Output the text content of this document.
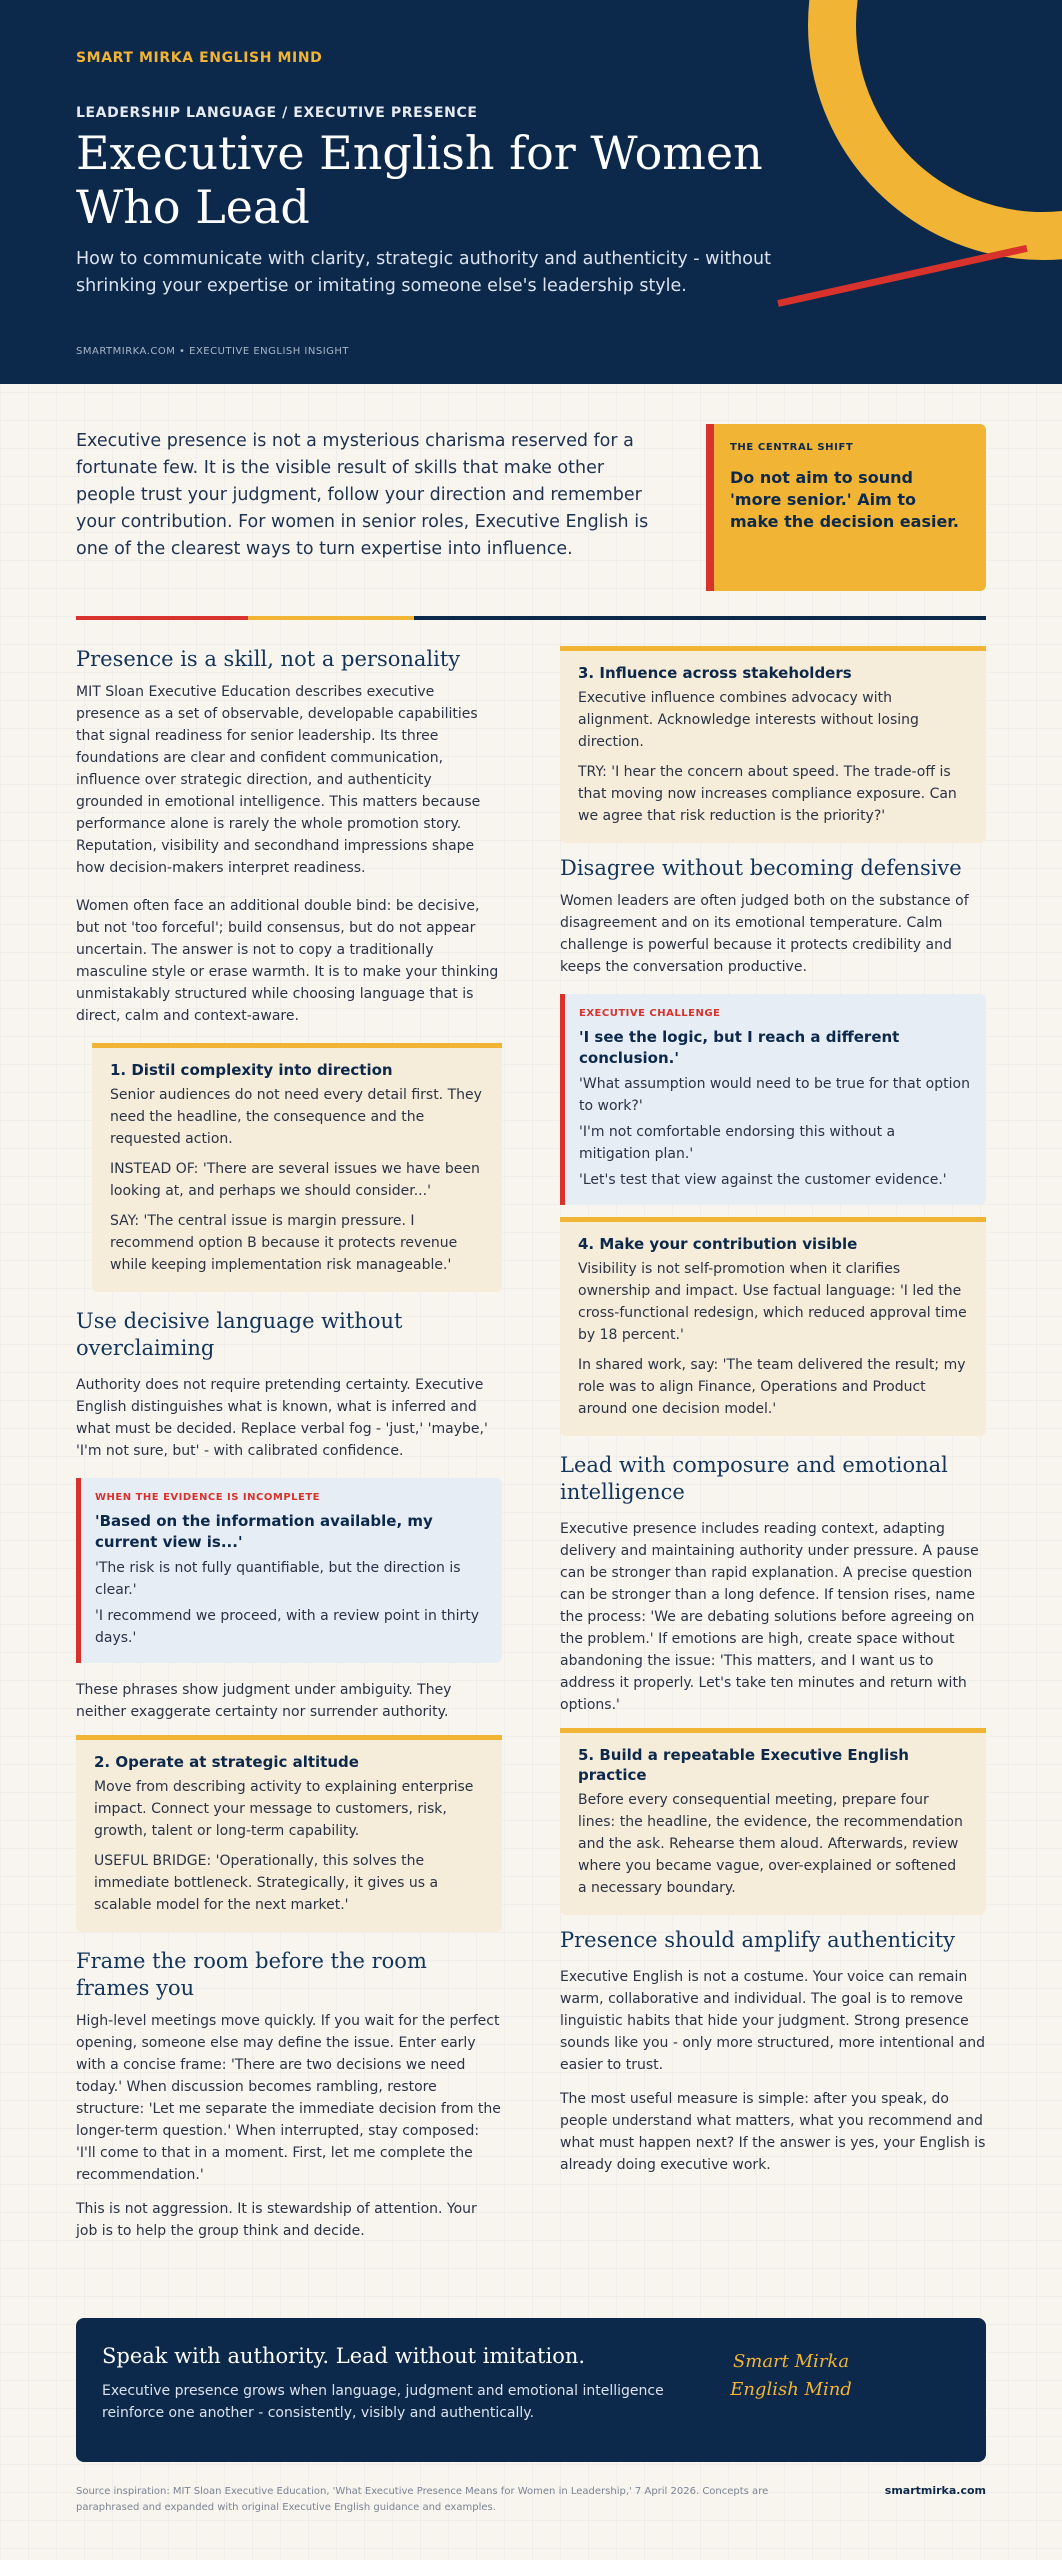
SMART MIRKA ENGLISH MIND
LEADERSHIP LANGUAGE / EXECUTIVE PRESENCE
Executive English for Women Who Lead
How to communicate with clarity, strategic authority and authenticity - without shrinking your expertise or imitating someone else's leadership style.
SMARTMIRKA.COM • EXECUTIVE ENGLISH INSIGHT
Executive presence is not a mysterious charisma reserved for a fortunate few. It is the visible result of skills that make other people trust your judgment, follow your direction and remember your contribution. For women in senior roles, Executive English is one of the clearest ways to turn expertise into influence.
THE CENTRAL SHIFT
Do not aim to sound 'more senior.' Aim to make the decision easier.
Presence is a skill, not a personality

MIT Sloan Executive Education describes executive presence as a set of observable, developable capabilities that signal readiness for senior leadership. Its three foundations are clear and confident communication, influence over strategic direction, and authenticity grounded in emotional intelligence. This matters because performance alone is rarely the whole promotion story. Reputation, visibility and secondhand impressions shape how decision-makers interpret readiness.

Women often face an additional double bind: be decisive, but not 'too forceful'; build consensus, but do not appear uncertain. The answer is not to copy a traditionally masculine style or erase warmth. It is to make your thinking unmistakably structured while choosing language that is direct, calm and context-aware.

1. Distil complexity into direction

Senior audiences do not need every detail first. They need the headline, the consequence and the requested action.

INSTEAD OF: 'There are several issues we have been looking at, and perhaps we should consider...'

SAY: 'The central issue is margin pressure. I recommend option B because it protects revenue while keeping implementation risk manageable.'

Use decisive language without overclaiming

Authority does not require pretending certainty. Executive English distinguishes what is known, what is inferred and what must be decided. Replace verbal fog - 'just,' 'maybe,' 'I'm not sure, but' - with calibrated confidence.

WHEN THE EVIDENCE IS INCOMPLETE
'Based on the information available, my current view is...'

'The risk is not fully quantifiable, but the direction is clear.'

'I recommend we proceed, with a review point in thirty days.'

These phrases show judgment under ambiguity. They neither exaggerate certainty nor surrender authority.

2. Operate at strategic altitude

Move from describing activity to explaining enterprise impact. Connect your message to customers, risk, growth, talent or long-term capability.

USEFUL BRIDGE: 'Operationally, this solves the immediate bottleneck. Strategically, it gives us a scalable model for the next market.'

Frame the room before the room frames you

High-level meetings move quickly. If you wait for the perfect opening, someone else may define the issue. Enter early with a concise frame: 'There are two decisions we need today.' When discussion becomes rambling, restore structure: 'Let me separate the immediate decision from the longer-term question.' When interrupted, stay composed: 'I'll come to that in a moment. First, let me complete the recommendation.'

This is not aggression. It is stewardship of attention. Your job is to help the group think and decide.

3. Influence across stakeholders

Executive influence combines advocacy with alignment. Acknowledge interests without losing direction.

TRY: 'I hear the concern about speed. The trade-off is that moving now increases compliance exposure. Can we agree that risk reduction is the priority?'

Disagree without becoming defensive

Women leaders are often judged both on the substance of disagreement and on its emotional temperature. Calm challenge is powerful because it protects credibility and keeps the conversation productive.

EXECUTIVE CHALLENGE
'I see the logic, but I reach a different conclusion.'

'What assumption would need to be true for that option to work?'

'I'm not comfortable endorsing this without a mitigation plan.'

'Let's test that view against the customer evidence.'

4. Make your contribution visible

Visibility is not self-promotion when it clarifies ownership and impact. Use factual language: 'I led the cross-functional redesign, which reduced approval time by 18 percent.'

In shared work, say: 'The team delivered the result; my role was to align Finance, Operations and Product around one decision model.'

Lead with composure and emotional intelligence

Executive presence includes reading context, adapting delivery and maintaining authority under pressure. A pause can be stronger than rapid explanation. A precise question can be stronger than a long defence. If tension rises, name the process: 'We are debating solutions before agreeing on the problem.' If emotions are high, create space without abandoning the issue: 'This matters, and I want us to address it properly. Let's take ten minutes and return with options.'

5. Build a repeatable Executive English practice

Before every consequential meeting, prepare four lines: the headline, the evidence, the recommendation and the ask. Rehearse them aloud. Afterwards, review where you became vague, over-explained or softened a necessary boundary.

Presence should amplify authenticity

Executive English is not a costume. Your voice can remain warm, collaborative and individual. The goal is to remove linguistic habits that hide your judgment. Strong presence sounds like you - only more structured, more intentional and easier to trust.

The most useful measure is simple: after you speak, do people understand what matters, what you recommend and what must happen next? If the answer is yes, your English is already doing executive work.

Speak with authority. Lead without imitation.
Executive presence grows when language, judgment and emotional intelligence reinforce one another - consistently, visibly and authentically.
Smart Mirka
English Mind
Source inspiration: MIT Sloan Executive Education, 'What Executive Presence Means for Women in Leadership,' 7 April 2026. Concepts are paraphrased and expanded with original Executive English guidance and examples.
smartmirka.com
